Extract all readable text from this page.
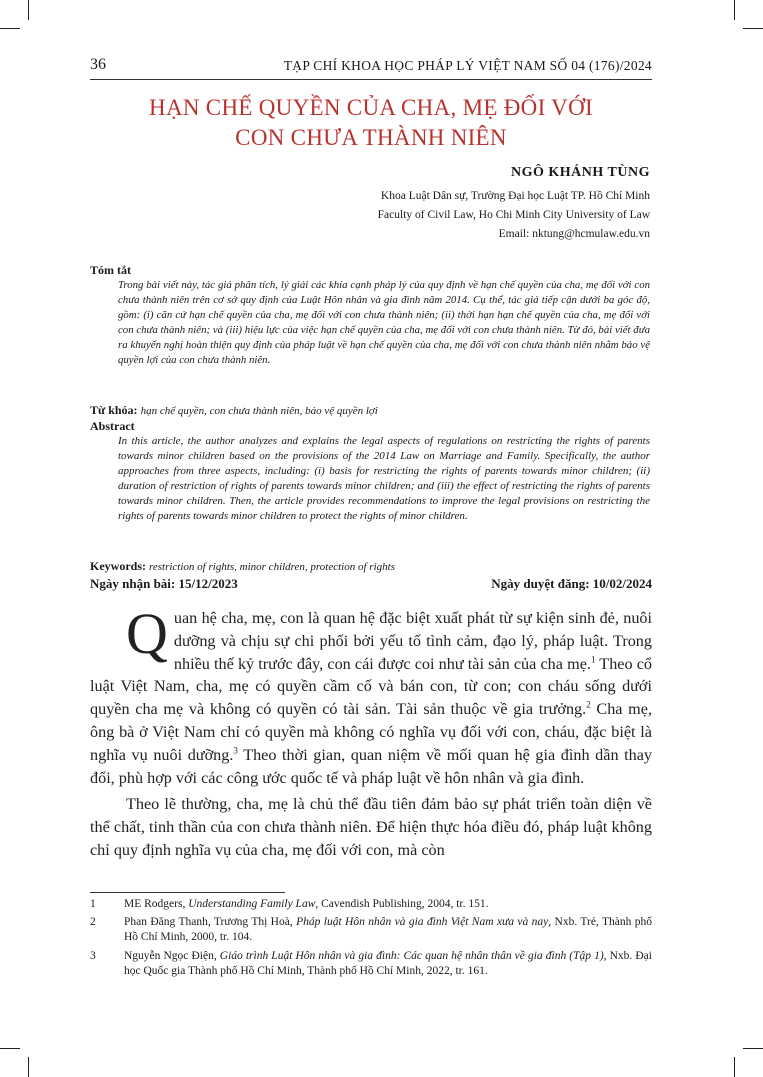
36	TẠP CHÍ KHOA HỌC PHÁP LÝ VIỆT NAM SỐ 04 (176)/2024
HẠN CHẾ QUYỀN CỦA CHA, MẸ ĐỐI VỚI
CON CHƯA THÀNH NIÊN
NGÔ KHÁNH TÙNG
Khoa Luật Dân sự, Trường Đại học Luật TP. Hồ Chí Minh
Faculty of Civil Law, Ho Chi Minh City University of Law
Email: nktung@hcmulaw.edu.vn
Tóm tắt
Trong bài viết này, tác giả phân tích, lý giải các khía cạnh pháp lý của quy định về hạn chế quyền của cha, mẹ đối với con chưa thành niên trên cơ sở quy định của Luật Hôn nhân và gia đình năm 2014. Cụ thể, tác giả tiếp cận dưới ba góc độ, gồm: (i) căn cứ hạn chế quyền của cha, mẹ đối với con chưa thành niên; (ii) thời hạn hạn chế quyền của cha, mẹ đối với con chưa thành niên; và (iii) hiệu lực của việc hạn chế quyền của cha, mẹ đối với con chưa thành niên. Từ đó, bài viết đưa ra khuyến nghị hoàn thiện quy định của pháp luật về hạn chế quyền của cha, mẹ đối với con chưa thành niên nhằm bảo vệ quyền lợi của con chưa thành niên.
Từ khóa: hạn chế quyền, con chưa thành niên, bảo vệ quyền lợi
Abstract
In this article, the author analyzes and explains the legal aspects of regulations on restricting the rights of parents towards minor children based on the provisions of the 2014 Law on Marriage and Family. Specifically, the author approaches from three aspects, including: (i) basis for restricting the rights of parents towards minor children; (ii) duration of restriction of rights of parents towards minor children; and (iii) the effect of restricting the rights of parents towards minor children. Then, the article provides recommendations to improve the legal provisions on restricting the rights of parents towards minor children to protect the rights of minor children.
Keywords: restriction of rights, minor children, protection of rights
Ngày nhận bài: 15/12/2023	Ngày duyệt đăng: 10/02/2024

Quan hệ cha, mẹ, con là quan hệ đặc biệt xuất phát từ sự kiện sinh đẻ, nuôi dưỡng và chịu sự chi phối bởi yếu tố tình cảm, đạo lý, pháp luật. Trong nhiều thế kỷ trước đây, con cái được coi như tài sản của cha mẹ.$^1$ Theo cổ luật Việt Nam, cha, mẹ có quyền cầm cố và bán con, từ con; con cháu sống dưới quyền cha mẹ và không có quyền có tài sản. Tài sản thuộc về gia trưởng.$^2$ Cha mẹ, ông bà ở Việt Nam chỉ có quyền mà không có nghĩa vụ đối với con, cháu, đặc biệt là nghĩa vụ nuôi dưỡng.$^3$ Theo thời gian, quan niệm về mối quan hệ gia đình dần thay đổi, phù hợp với các công ước quốc tế và pháp luật về hôn nhân và gia đình.

Theo lẽ thường, cha, mẹ là chủ thể đầu tiên đảm bảo sự phát triển toàn diện về thể chất, tinh thần của con chưa thành niên. Để hiện thực hóa điều đó, pháp luật không chỉ quy định nghĩa vụ của cha, mẹ đối với con, mà còn

1 ME Rodgers, Understanding Family Law, Cavendish Publishing, 2004, tr. 151.
2 Phan Đăng Thanh, Trương Thị Hoà, Pháp luật Hôn nhân và gia đình Việt Nam xưa và nay, Nxb. Trẻ, Thành phố Hồ Chí Minh, 2000, tr. 104.
3 Nguyễn Ngọc Điện, Giáo trình Luật Hôn nhân và gia đình: Các quan hệ nhân thân về gia đình (Tập 1), Nxb. Đại học Quốc gia Thành phố Hồ Chí Minh, Thành phố Hồ Chí Minh, 2022, tr. 161.
